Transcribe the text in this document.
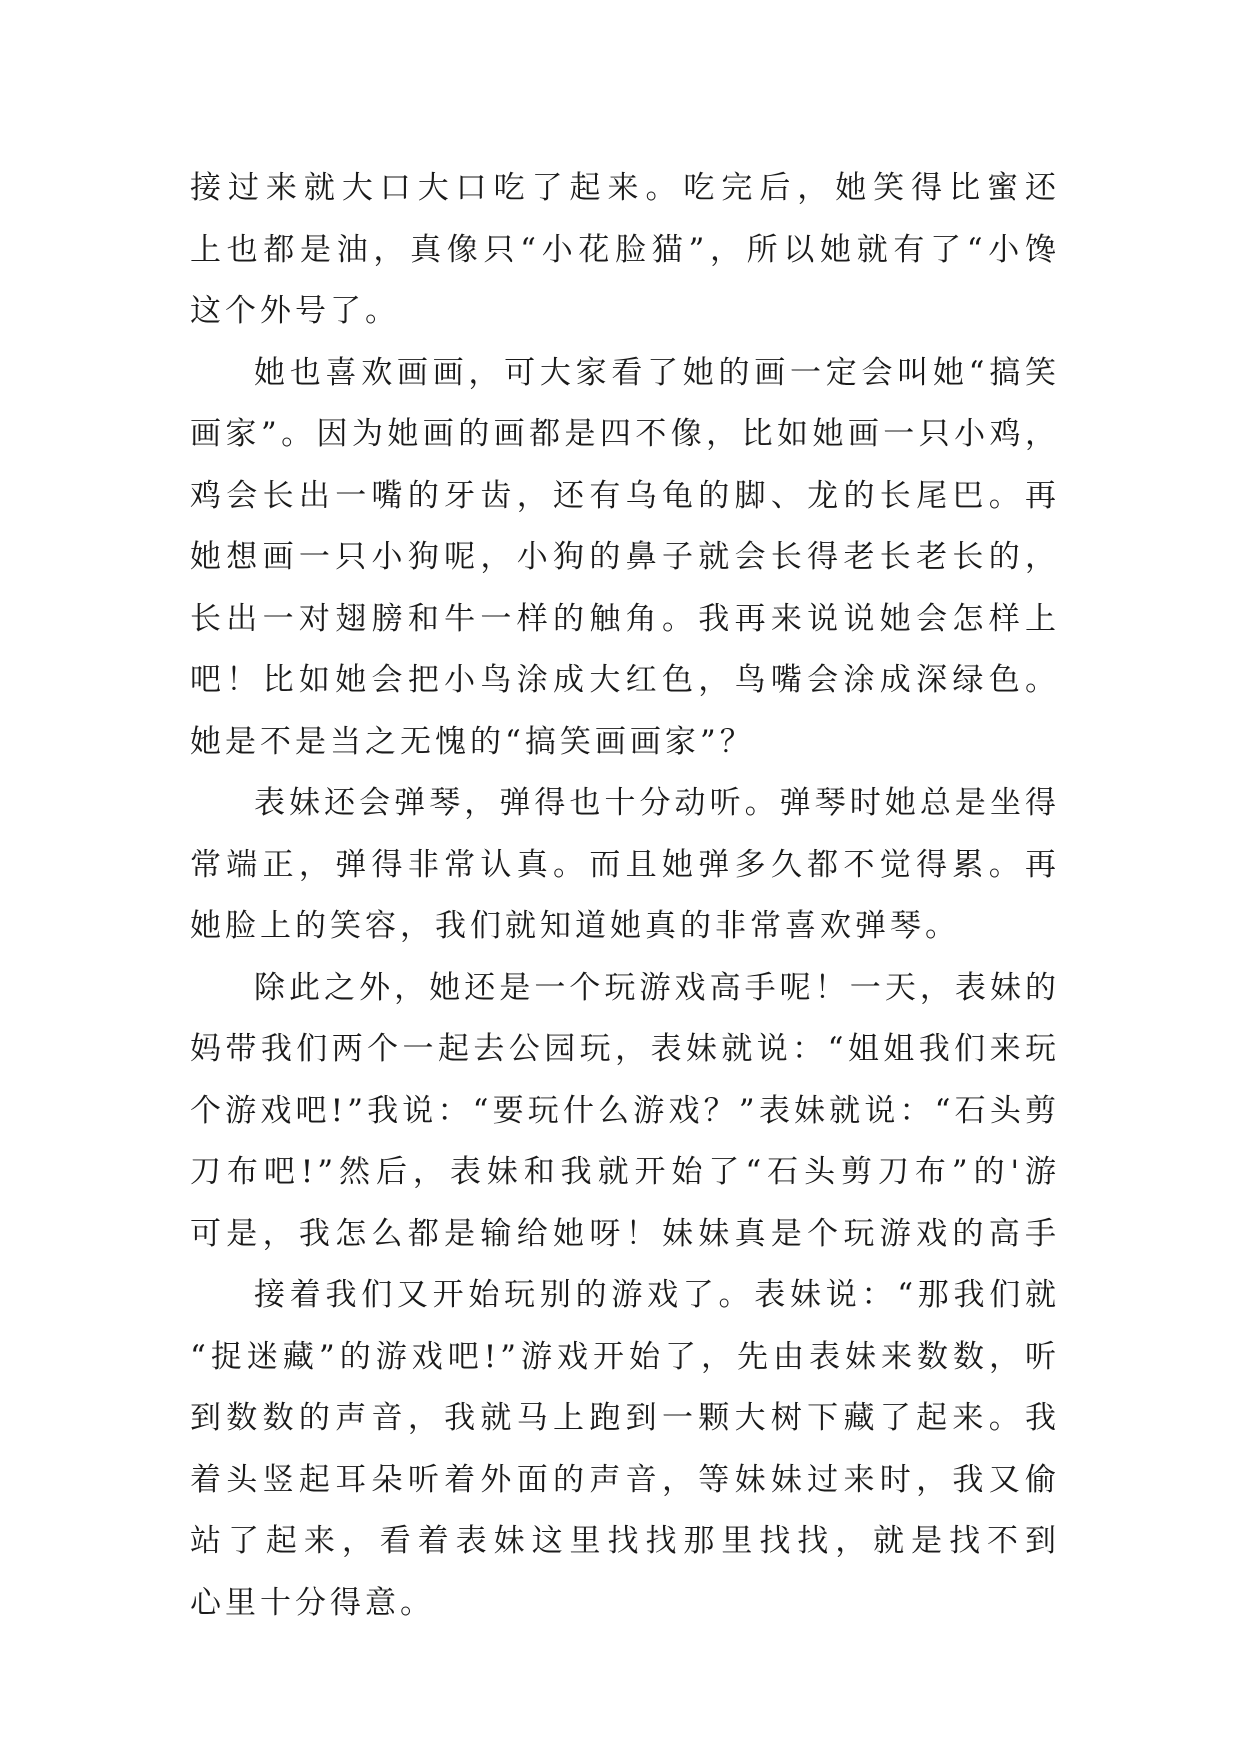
接过来就大口大口吃了起来。吃完后，她笑得比蜜还
上也都是油，真像只“小花脸猫”，所以她就有了“小馋
这个外号了。
她也喜欢画画，可大家看了她的画一定会叫她“搞笑
画家”。因为她画的画都是四不像，比如她画一只小鸡，
鸡会长出一嘴的牙齿，还有乌龟的脚、龙的长尾巴。再
她想画一只小狗呢，小狗的鼻子就会长得老长老长的，
长出一对翅膀和牛一样的触角。我再来说说她会怎样上
吧！比如她会把小鸟涂成大红色，鸟嘴会涂成深绿色。
她是不是当之无愧的“搞笑画画家”？
表妹还会弹琴，弹得也十分动听。弹琴时她总是坐得
常端正，弹得非常认真。而且她弹多久都不觉得累。再
她脸上的笑容，我们就知道她真的非常喜欢弹琴。
除此之外，她还是一个玩游戏高手呢！一天，表妹的
妈带我们两个一起去公园玩，表妹就说：“姐姐我们来玩
个游戏吧!”我说：“要玩什么游戏？”表妹就说：“石头剪
刀布吧!”然后，表妹和我就开始了“石头剪刀布”的'游
可是，我怎么都是输给她呀！妹妹真是个玩游戏的高手
接着我们又开始玩别的游戏了。表妹说：“那我们就
“捉迷藏”的游戏吧!”游戏开始了，先由表妹来数数，听
到数数的声音，我就马上跑到一颗大树下藏了起来。我
着头竖起耳朵听着外面的声音，等妹妹过来时，我又偷
站了起来，看着表妹这里找找那里找找，就是找不到
心里十分得意。
